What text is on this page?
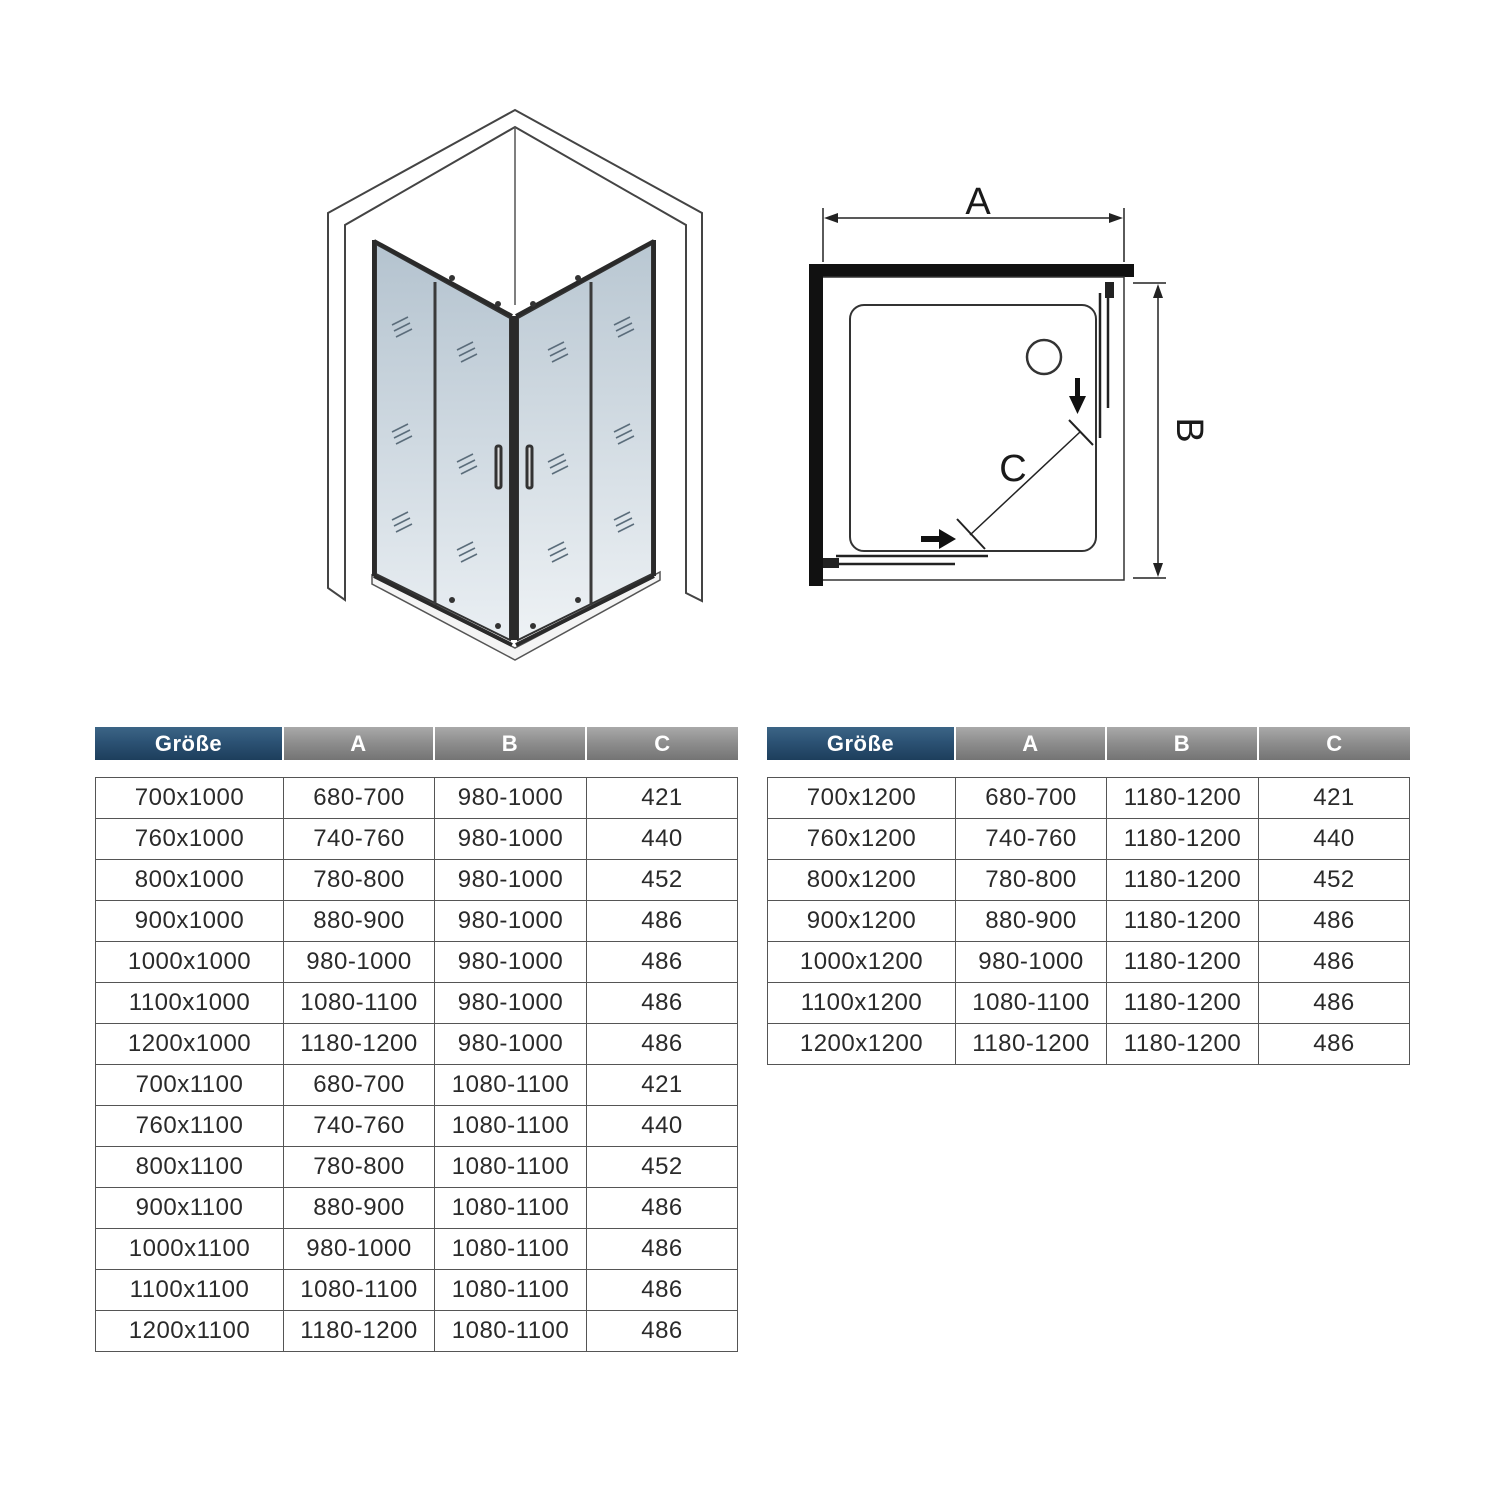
C
A
B
Größe	A	B	C

700x1000	680-700	980-1000	421
760x1000	740-760	980-1000	440
800x1000	780-800	980-1000	452
900x1000	880-900	980-1000	486
1000x1000	980-1000	980-1000	486
1100x1000	1080-1100	980-1000	486
1200x1000	1180-1200	980-1000	486
700x1100	680-700	1080-1100	421
760x1100	740-760	1080-1100	440
800x1100	780-800	1080-1100	452
900x1100	880-900	1080-1100	486
1000x1100	980-1000	1080-1100	486
1100x1100	1080-1100	1080-1100	486
1200x1100	1180-1200	1080-1100	486
Größe	A	B	C

700x1200	680-700	1180-1200	421
760x1200	740-760	1180-1200	440
800x1200	780-800	1180-1200	452
900x1200	880-900	1180-1200	486
1000x1200	980-1000	1180-1200	486
1100x1200	1080-1100	1180-1200	486
1200x1200	1180-1200	1180-1200	486
